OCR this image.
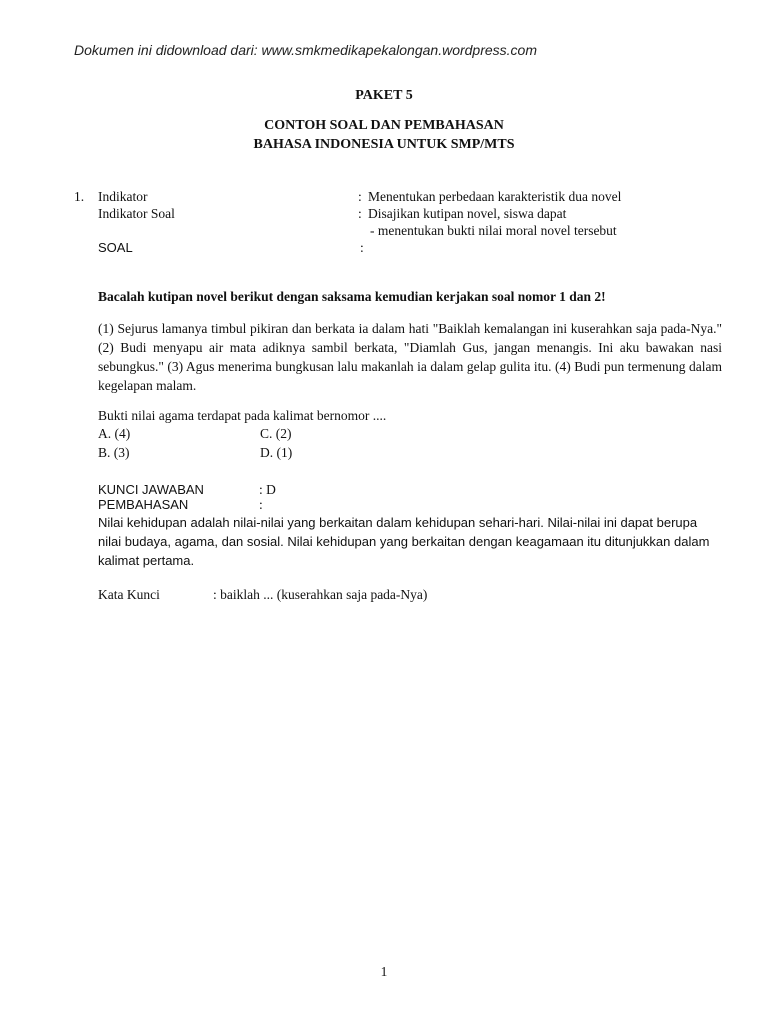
Dokumen ini didownload dari: www.smkmedikapekalongan.wordpress.com
PAKET 5
CONTOH SOAL DAN PEMBAHASAN
BAHASA INDONESIA UNTUK SMP/MTS
1. Indikator	: Menentukan perbedaan karakteristik dua novel
Indikator Soal	: Disajikan kutipan novel, siswa dapat
- menentukan bukti nilai moral novel tersebut
SOAL	:
Bacalah kutipan novel berikut dengan saksama kemudian kerjakan soal nomor 1 dan 2!
(1) Sejurus lamanya timbul pikiran dan berkata ia dalam hati "Baiklah kemalangan ini kuserahkan saja pada-Nya." (2) Budi menyapu air mata adiknya sambil berkata, "Diamlah Gus, jangan menangis. Ini aku bawakan nasi sebungkus." (3) Agus menerima bungkusan lalu makanlah ia dalam gelap gulita itu. (4) Budi pun termenung dalam kegelapan malam.
Bukti nilai agama terdapat pada kalimat bernomor ....
A. (4)	C. (2)
B. (3)	D. (1)
KUNCI JAWABAN	: D
PEMBAHASAN	:
Nilai kehidupan adalah nilai-nilai yang berkaitan dalam kehidupan sehari-hari. Nilai-nilai ini dapat berupa nilai budaya, agama, dan sosial. Nilai kehidupan yang berkaitan dengan keagamaan itu ditunjukkan dalam kalimat pertama.
Kata Kunci	: baiklah ... (kuserahkan saja pada-Nya)
1
